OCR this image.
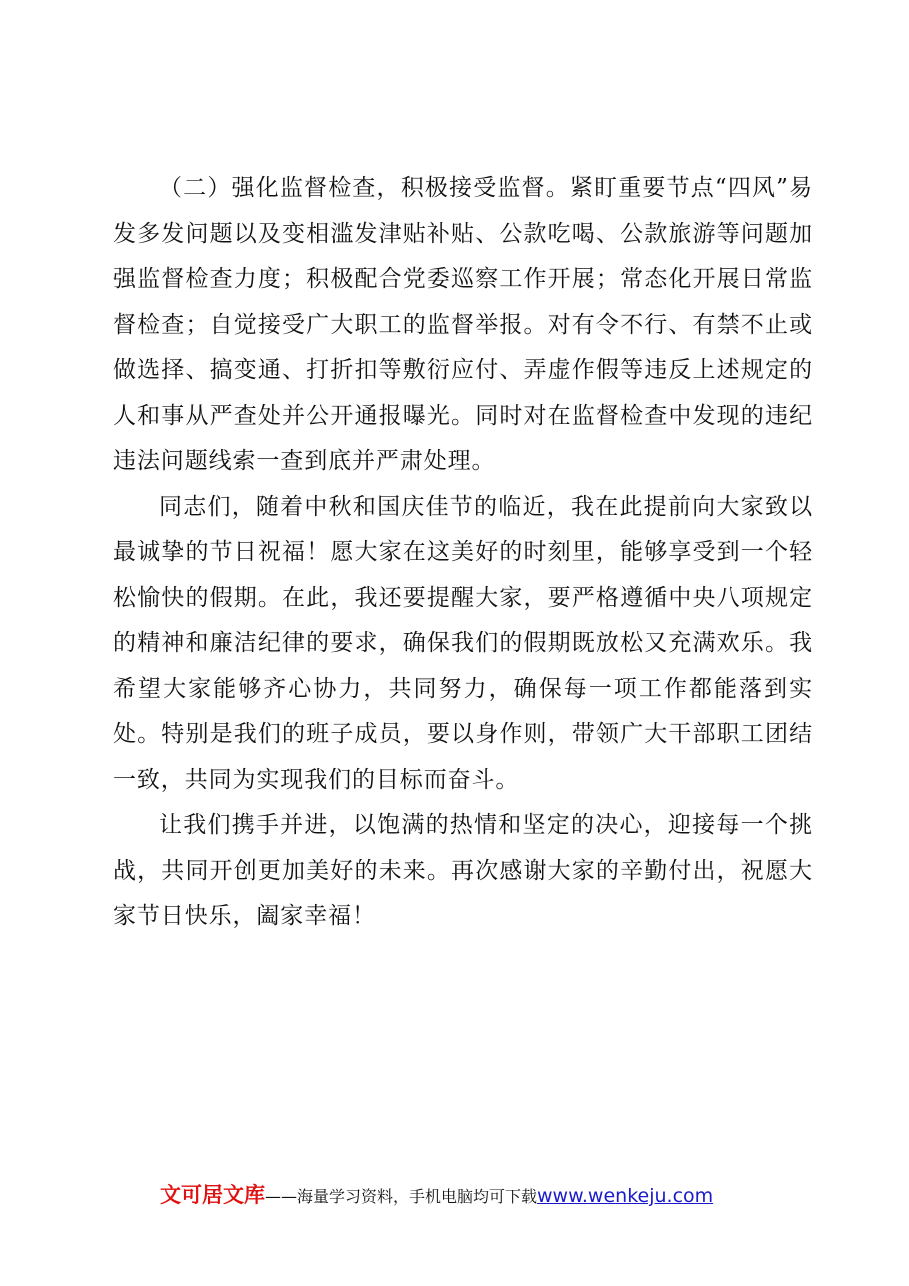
（二）强化监督检查，积极接受监督。紧盯重要节点“四风”易发多发问题以及变相滥发津贴补贴、公款吃喝、公款旅游等问题加强监督检查力度；积极配合党委巡察工作开展；常态化开展日常监督检查；自觉接受广大职工的监督举报。对有令不行、有禁不止或做选择、搞变通、打折扣等敷衍应付、弄虚作假等违反上述规定的人和事从严查处并公开通报曝光。同时对在监督检查中发现的违纪违法问题线索一查到底并严肃处理。

同志们，随着中秋和国庆佳节的临近，我在此提前向大家致以最诚挚的节日祝福！愿大家在这美好的时刻里，能够享受到一个轻松愉快的假期。在此，我还要提醒大家，要严格遵循中央八项规定的精神和廉洁纪律的要求，确保我们的假期既放松又充满欢乐。我希望大家能够齐心协力，共同努力，确保每一项工作都能落到实处。特别是我们的班子成员，要以身作则，带领广大干部职工团结一致，共同为实现我们的目标而奋斗。

让我们携手并进，以饱满的热情和坚定的决心，迎接每一个挑战，共同开创更加美好的未来。再次感谢大家的辛勤付出，祝愿大家节日快乐，阖家幸福！

文可居文库——海量学习资料，手机电脑均可下载www.wenkeju.com
